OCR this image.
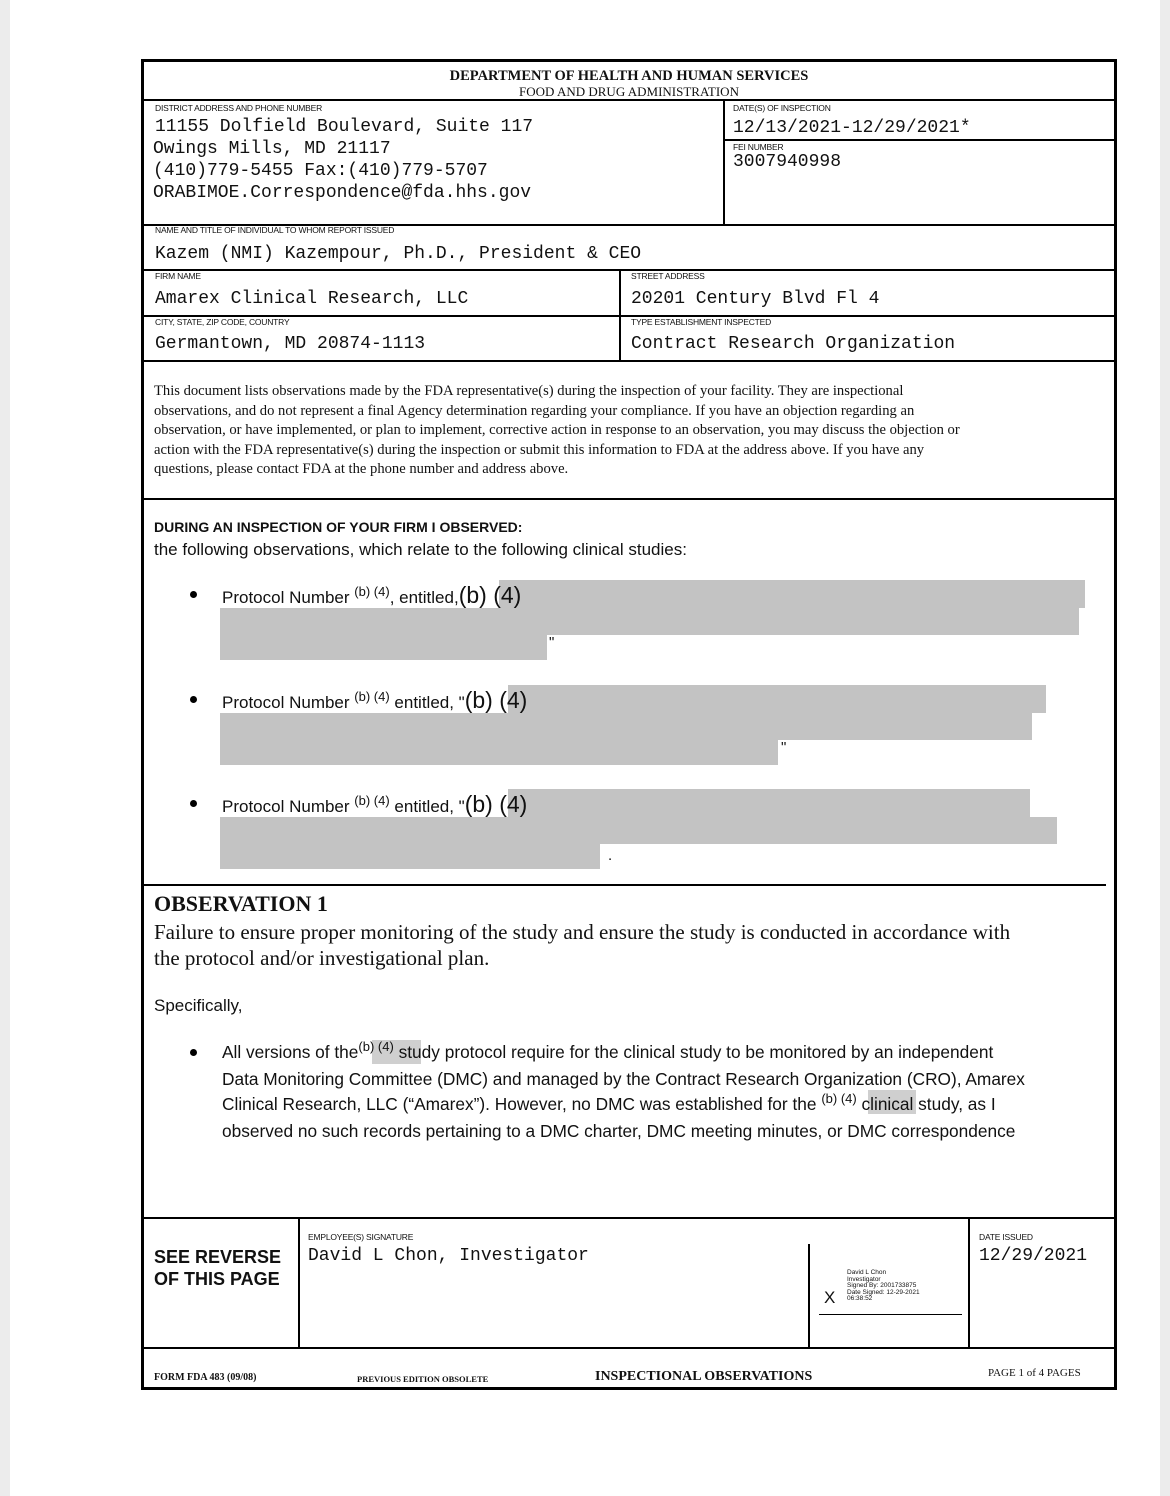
DEPARTMENT OF HEALTH AND HUMAN SERVICES
FOOD AND DRUG ADMINISTRATION
DISTRICT ADDRESS AND PHONE NUMBER
11155 Dolfield Boulevard, Suite 117
Owings Mills, MD 21117
(410)779-5455 Fax:(410)779-5707
ORABIMOE.Correspondence@fda.hhs.gov
DATE(S) OF INSPECTION
12/13/2021-12/29/2021*
FEI NUMBER
3007940998
NAME AND TITLE OF INDIVIDUAL TO WHOM REPORT ISSUED
Kazem (NMI) Kazempour, Ph.D., President & CEO
FIRM NAME
Amarex Clinical Research, LLC
STREET ADDRESS
20201 Century Blvd Fl 4
CITY, STATE, ZIP CODE, COUNTRY
Germantown, MD 20874-1113
TYPE ESTABLISHMENT INSPECTED
Contract Research Organization
This document lists observations made by the FDA representative(s) during the inspection of your facility. They are inspectional
observations, and do not represent a final Agency determination regarding your compliance. If you have an objection regarding an
observation, or have implemented, or plan to implement, corrective action in response to an observation, you may discuss the objection or
action with the FDA representative(s) during the inspection or submit this information to FDA at the address above. If you have any
questions, please contact FDA at the phone number and address above.
DURING AN INSPECTION OF YOUR FIRM I OBSERVED:
the following observations, which relate to the following clinical studies:
Protocol Number $^{(b) (4)}$, entitled,(b) (4)
"
Protocol Number $^{(b) (4)}$ entitled, "(b) (4)
"
Protocol Number $^{(b) (4)}$ entitled, "(b) (4)
.
OBSERVATION 1
Failure to ensure proper monitoring of the study and ensure the study is conducted in accordance with
the protocol and/or investigational plan.
Specifically,
All versions of the$^{(b) (4)}$ study protocol require for the clinical study to be monitored by an independent
Data Monitoring Committee (DMC) and managed by the Contract Research Organization (CRO), Amarex
Clinical Research, LLC (“Amarex”). However, no DMC was established for the $^{(b) (4)}$ clinical study, as I
observed no such records pertaining to a DMC charter, DMC meeting minutes, or DMC correspondence
SEE REVERSE
OF THIS PAGE
EMPLOYEE(S) SIGNATURE
David L Chon, Investigator
X
David L Chon
Investigator
Signed By: 2001733875
Date Signed: 12-29-2021
06:38:52
DATE ISSUED
12/29/2021
FORM FDA 483 (09/08)	PREVIOUS EDITION OBSOLETE	INSPECTIONAL OBSERVATIONS	PAGE 1 of 4 PAGES
